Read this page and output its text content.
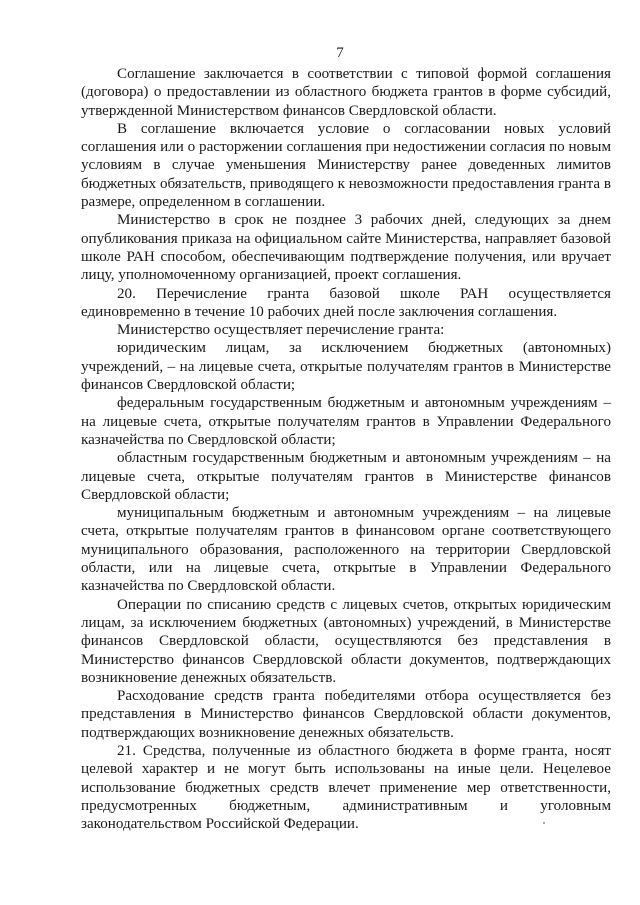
7

Соглашение заключается в соответствии с типовой формой соглашения (договора) о предоставлении из областного бюджета грантов в форме субсидий, утвержденной Министерством финансов Свердловской области.

В соглашение включается условие о согласовании новых условий соглашения или о расторжении соглашения при недостижении согласия по новым условиям в случае уменьшения Министерству ранее доведенных лимитов бюджетных обязательств, приводящего к невозможности предоставления гранта в размере, определенном в соглашении.

Министерство в срок не позднее 3 рабочих дней, следующих за днем опубликования приказа на официальном сайте Министерства, направляет базовой школе РАН способом, обеспечивающим подтверждение получения, или вручает лицу, уполномоченному организацией, проект соглашения.

20. Перечисление гранта базовой школе РАН осуществляется единовременно в течение 10 рабочих дней после заключения соглашения.

Министерство осуществляет перечисление гранта:

юридическим лицам, за исключением бюджетных (автономных) учреждений, – на лицевые счета, открытые получателям грантов в Министерстве финансов Свердловской области;

федеральным государственным бюджетным и автономным учреждениям – на лицевые счета, открытые получателям грантов в Управлении Федерального казначейства по Свердловской области;

областным государственным бюджетным и автономным учреждениям – на лицевые счета, открытые получателям грантов в Министерстве финансов Свердловской области;

муниципальным бюджетным и автономным учреждениям – на лицевые счета, открытые получателям грантов в финансовом органе соответствующего муниципального образования, расположенного на территории Свердловской области, или на лицевые счета, открытые в Управлении Федерального казначейства по Свердловской области.

Операции по списанию средств с лицевых счетов, открытых юридическим лицам, за исключением бюджетных (автономных) учреждений, в Министерстве финансов Свердловской области, осуществляются без представления в Министерство финансов Свердловской области документов, подтверждающих возникновение денежных обязательств.

Расходование средств гранта победителями отбора осуществляется без представления в Министерство финансов Свердловской области документов, подтверждающих возникновение денежных обязательств.

21. Средства, полученные из областного бюджета в форме гранта, носят целевой характер и не могут быть использованы на иные цели. Нецелевое использование бюджетных средств влечет применение мер ответственности, предусмотренных бюджетным, административным и уголовным законодательством Российской Федерации.
